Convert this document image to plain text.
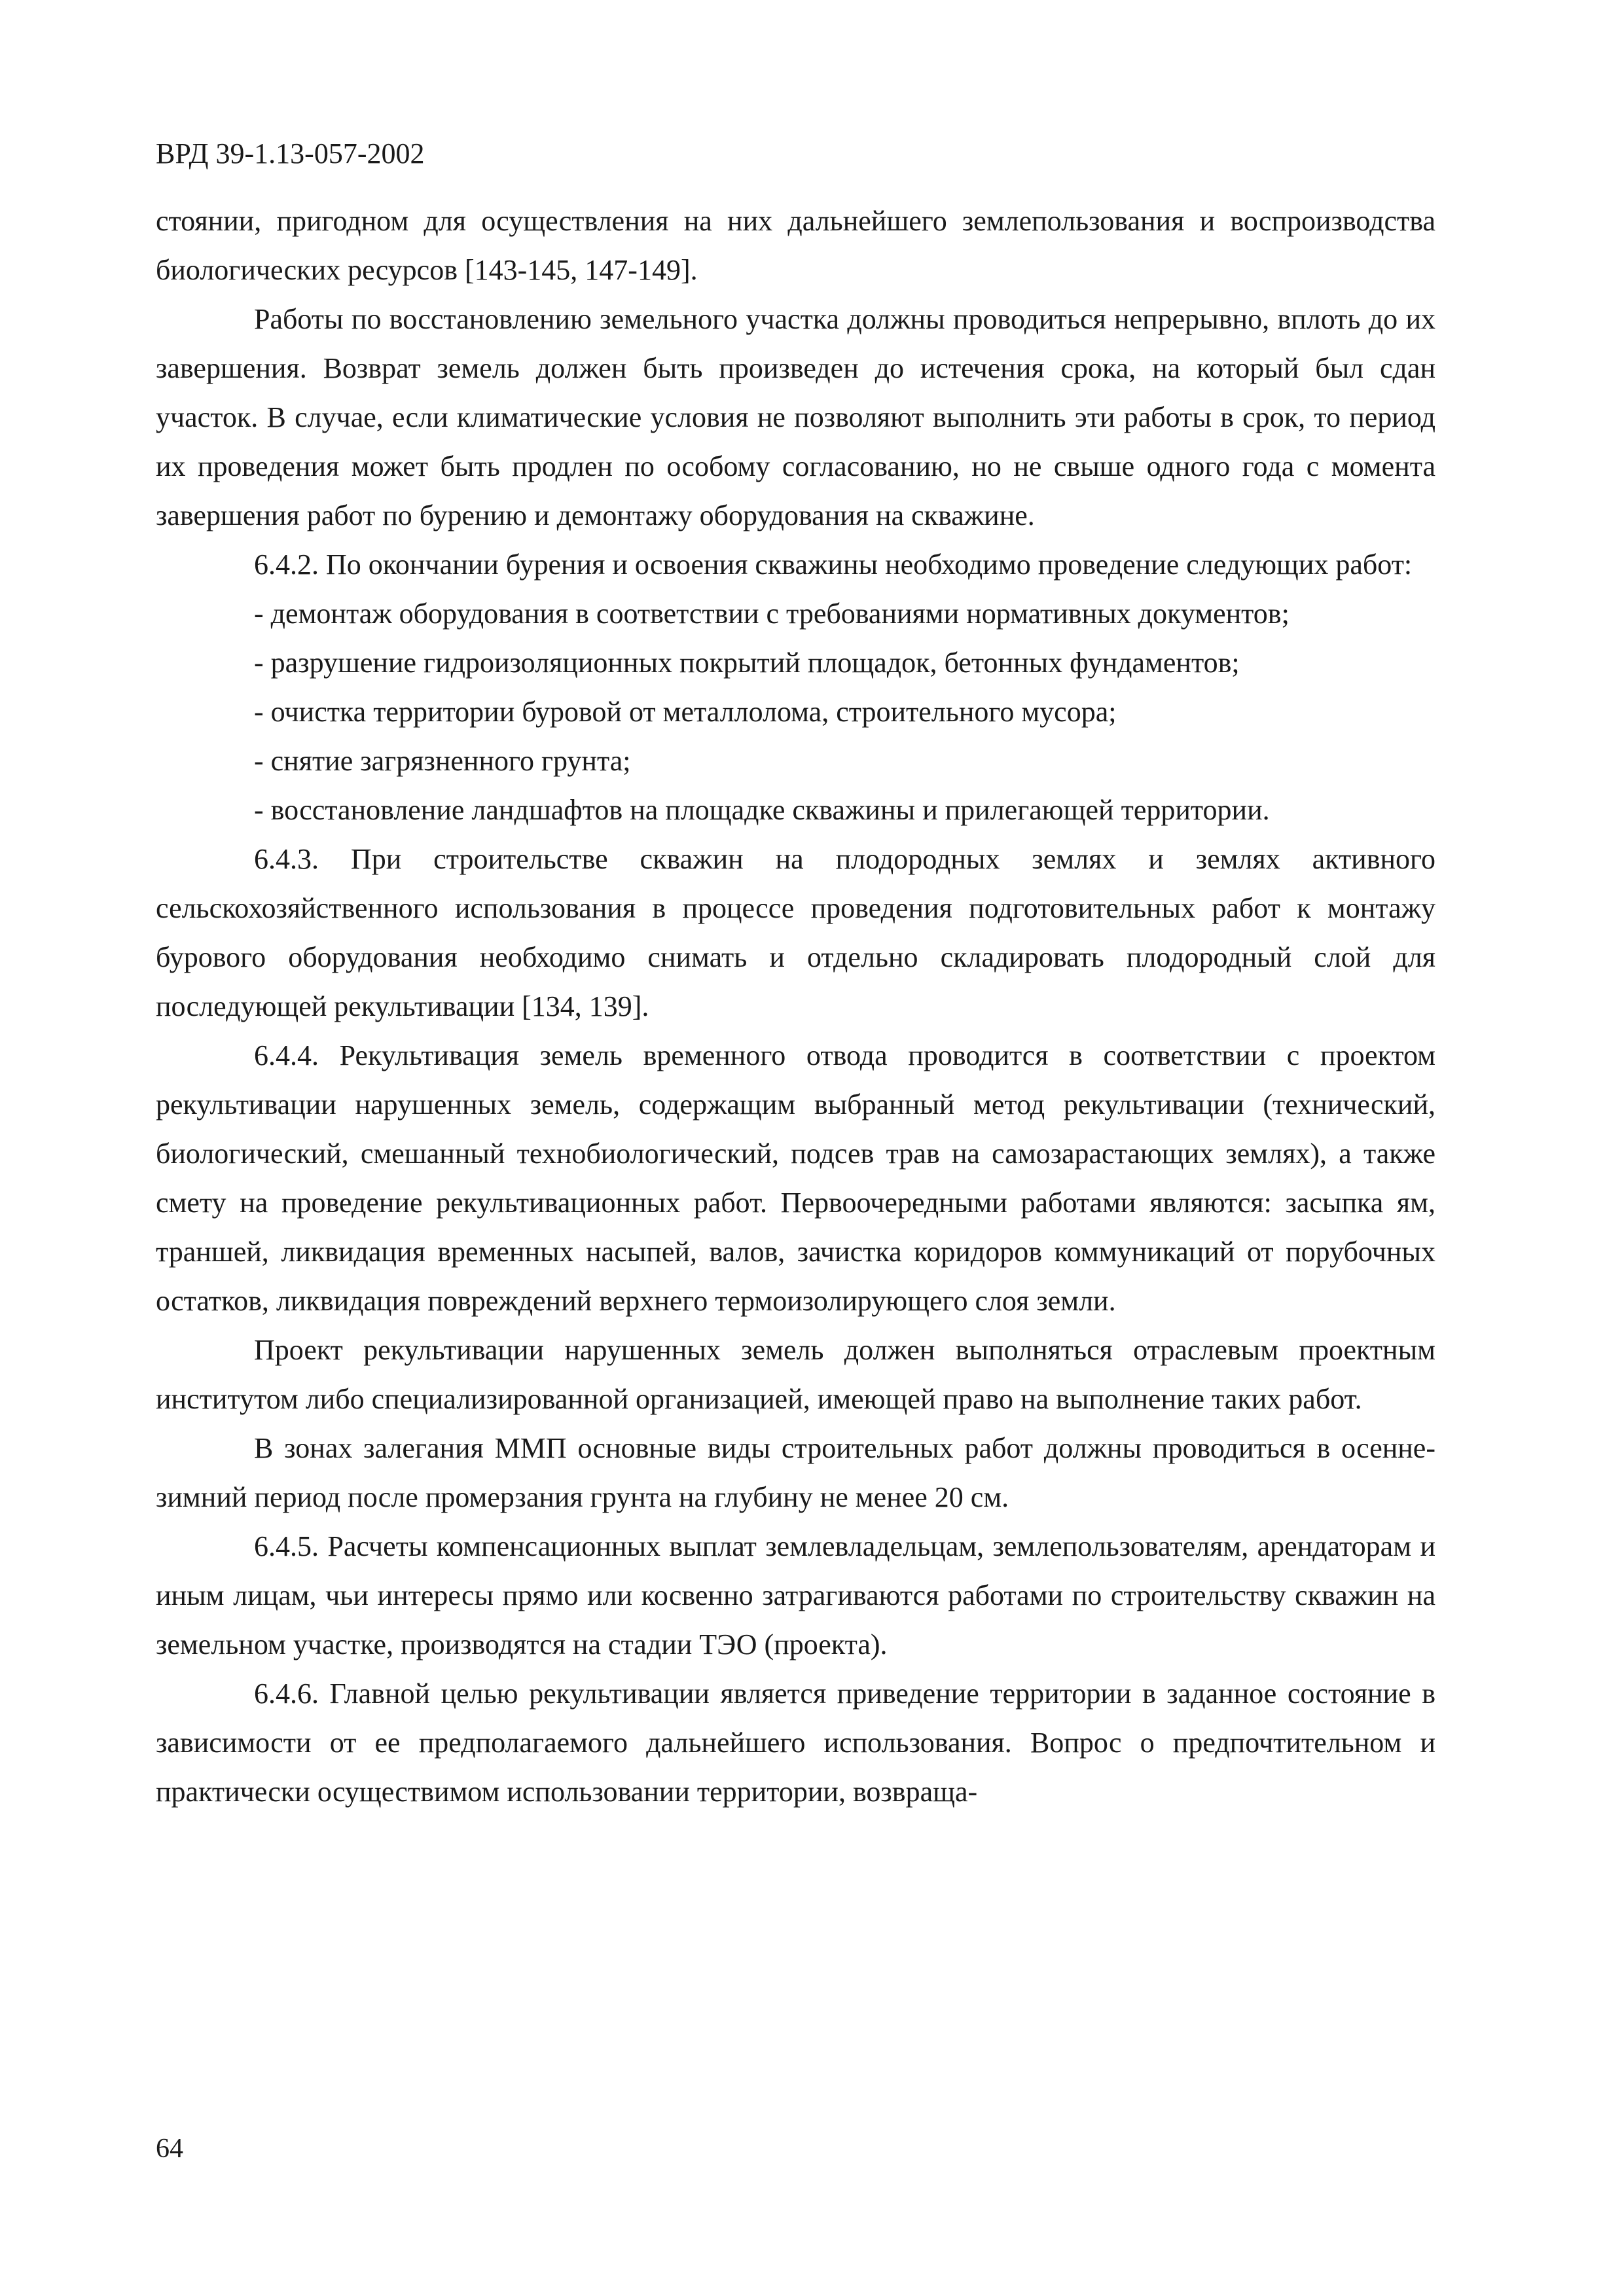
ВРД 39-1.13-057-2002

стоянии, пригодном для осуществления на них дальнейшего землепользования и воспроизводства биологических ресурсов [143-145, 147-149].

Работы по восстановлению земельного участка должны проводиться непрерывно, вплоть до их завершения. Возврат земель должен быть произведен до истечения срока, на который был сдан участок. В случае, если климатические условия не позволяют выполнить эти работы в срок, то период их проведения может быть продлен по особому согласованию, но не свыше одного года с момента завершения работ по бурению и демонтажу оборудования на скважине.

6.4.2. По окончании бурения и освоения скважины необходимо проведение следующих работ:

- демонтаж оборудования в соответствии с требованиями нормативных документов;

- разрушение гидроизоляционных покрытий площадок, бетонных фундаментов;

- очистка территории буровой от металлолома, строительного мусора;

- снятие загрязненного грунта;

- восстановление ландшафтов на площадке скважины и прилегающей территории.

6.4.3. При строительстве скважин на плодородных землях и землях активного сельскохозяйственного использования в процессе проведения подготовительных работ к монтажу бурового оборудования необходимо снимать и отдельно складировать плодородный слой для последующей рекультивации [134, 139].

6.4.4. Рекультивация земель временного отвода проводится в соответствии с проектом рекультивации нарушенных земель, содержащим выбранный метод рекультивации (технический, биологический, смешанный технобиологический, подсев трав на самозарастающих землях), а также смету на проведение рекультивационных работ. Первоочередными работами являются: засыпка ям, траншей, ликвидация временных насыпей, валов, зачистка коридоров коммуникаций от порубочных остатков, ликвидация повреждений верхнего термоизолирующего слоя земли.

Проект рекультивации нарушенных земель должен выполняться отраслевым проектным институтом либо специализированной организацией, имеющей право на выполнение таких работ.

В зонах залегания ММП основные виды строительных работ должны проводиться в осенне-зимний период после промерзания грунта на глубину не менее 20 см.

6.4.5. Расчеты компенсационных выплат землевладельцам, землепользователям, арендаторам и иным лицам, чьи интересы прямо или косвенно затрагиваются работами по строительству скважин на земельном участке, производятся на стадии ТЭО (проекта).

6.4.6. Главной целью рекультивации является приведение территории в заданное состояние в зависимости от ее предполагаемого дальнейшего использования. Вопрос о предпочтительном и практически осуществимом использовании территории, возвраща-

64
